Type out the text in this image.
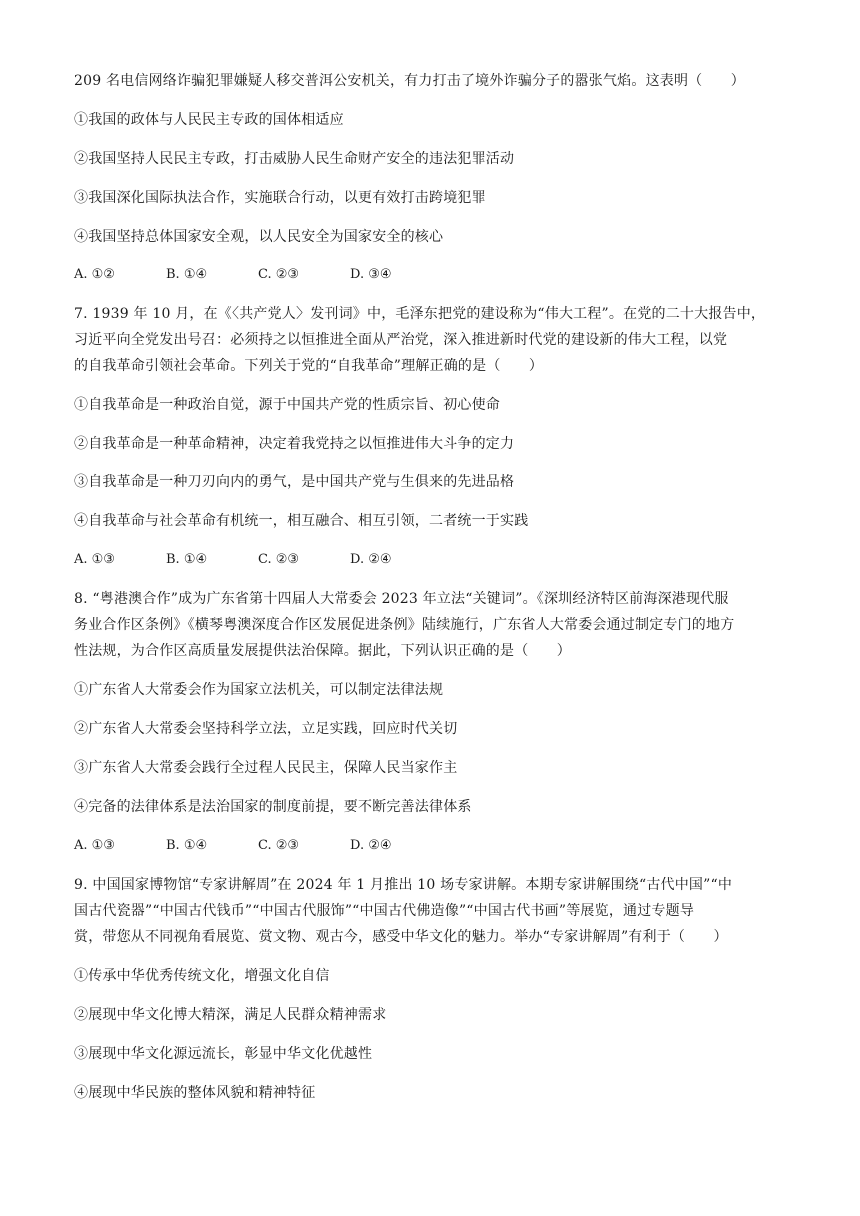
209 名电信网络诈骗犯罪嫌疑人移交普洱公安机关，有力打击了境外诈骗分子的嚣张气焰。这表明（　　）
①我国的政体与人民民主专政的国体相适应
②我国坚持人民民主专政，打击威胁人民生命财产安全的违法犯罪活动
③我国深化国际执法合作，实施联合行动，以更有效打击跨境犯罪
④我国坚持总体国家安全观，以人民安全为国家安全的核心
A. ①②	B. ①④	C. ②③	D. ③④
7. 1939 年 10 月，在《〈共产党人〉发刊词》中，毛泽东把党的建设称为“伟大工程”。在党的二十大报告中，
习近平向全党发出号召：必须持之以恒推进全面从严治党，深入推进新时代党的建设新的伟大工程，以党
的自我革命引领社会革命。下列关于党的“自我革命”理解正确的是（　　）
①自我革命是一种政治自觉，源于中国共产党的性质宗旨、初心使命
②自我革命是一种革命精神，决定着我党持之以恒推进伟大斗争的定力
③自我革命是一种刀刃向内的勇气，是中国共产党与生俱来的先进品格
④自我革命与社会革命有机统一，相互融合、相互引领，二者统一于实践
A. ①③	B. ①④	C. ②③	D. ②④
8. “粤港澳合作”成为广东省第十四届人大常委会 2023 年立法“关键词”。《深圳经济特区前海深港现代服
务业合作区条例》《横琴粤澳深度合作区发展促进条例》陆续施行，广东省人大常委会通过制定专门的地方
性法规，为合作区高质量发展提供法治保障。据此，下列认识正确的是（　　）
①广东省人大常委会作为国家立法机关，可以制定法律法规
②广东省人大常委会坚持科学立法，立足实践，回应时代关切
③广东省人大常委会践行全过程人民民主，保障人民当家作主
④完备的法律体系是法治国家的制度前提，要不断完善法律体系
A. ①③	B. ①④	C. ②③	D. ②④
9. 中国国家博物馆“专家讲解周”在 2024 年 1 月推出 10 场专家讲解。本期专家讲解围绕“古代中国”“中
国古代瓷器”“中国古代钱币”“中国古代服饰”“中国古代佛造像”“中国古代书画”等展览，通过专题导
赏，带您从不同视角看展览、赏文物、观古今，感受中华文化的魅力。举办“专家讲解周”有利于（　　）
①传承中华优秀传统文化，增强文化自信
②展现中华文化博大精深，满足人民群众精神需求
③展现中华文化源远流长，彰显中华文化优越性
④展现中华民族的整体风貌和精神特征
